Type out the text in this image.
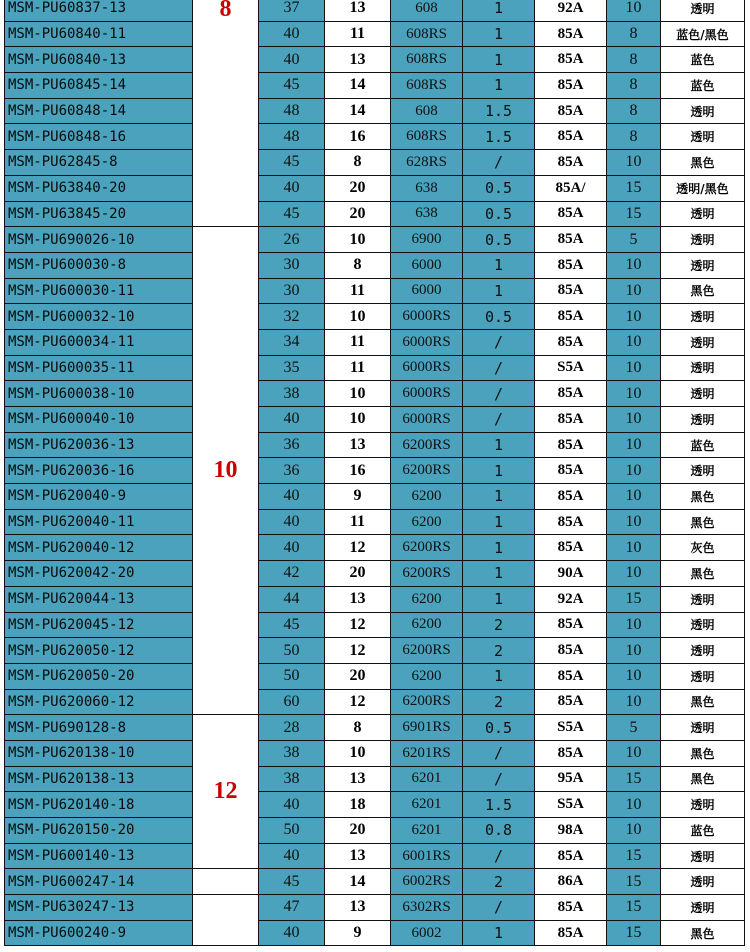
MSM-PU60837-13	8	37	13	608	1	92A	10	透明
MSM-PU60840-11		40	11	608RS	1	85A	8	蓝色/黑色
MSM-PU60840-13		40	13	608RS	1	85A	8	蓝色
MSM-PU60845-14		45	14	608RS	1	85A	8	蓝色
MSM-PU60848-14		48	14	608	1.5	85A	8	透明
MSM-PU60848-16		48	16	608RS	1.5	85A	8	透明
MSM-PU62845-8		45	8	628RS	/	85A	10	黑色
MSM-PU63840-20		40	20	638	0.5	85A/	15	透明/黑色
MSM-PU63845-20		45	20	638	0.5	85A	15	透明
MSM-PU690026-10	10	26	10	6900	0.5	85A	5	透明
MSM-PU600030-8		30	8	6000	1	85A	10	透明
MSM-PU600030-11		30	11	6000	1	85A	10	黑色
MSM-PU600032-10		32	10	6000RS	0.5	85A	10	透明
MSM-PU600034-11		34	11	6000RS	/	85A	10	透明
MSM-PU600035-11		35	11	6000RS	/	S5A	10	透明
MSM-PU600038-10		38	10	6000RS	/	85A	10	透明
MSM-PU600040-10		40	10	6000RS	/	85A	10	透明
MSM-PU620036-13		36	13	6200RS	1	85A	10	蓝色
MSM-PU620036-16		36	16	6200RS	1	85A	10	透明
MSM-PU620040-9		40	9	6200	1	85A	10	黑色
MSM-PU620040-11		40	11	6200	1	85A	10	黑色
MSM-PU620040-12		40	12	6200RS	1	85A	10	灰色
MSM-PU620042-20		42	20	6200RS	1	90A	10	黑色
MSM-PU620044-13		44	13	6200	1	92A	15	透明
MSM-PU620045-12		45	12	6200	2	85A	10	透明
MSM-PU620050-12		50	12	6200RS	2	85A	10	透明
MSM-PU620050-20		50	20	6200	1	85A	10	透明
MSM-PU620060-12		60	12	6200RS	2	85A	10	黑色
MSM-PU690128-8	12	28	8	6901RS	0.5	S5A	5	透明
MSM-PU620138-10		38	10	6201RS	/	85A	10	黑色
MSM-PU620138-13		38	13	6201	/	95A	15	黑色
MSM-PU620140-18		40	18	6201	1.5	S5A	10	透明
MSM-PU620150-20		50	20	6201	0.8	98A	10	蓝色
MSM-PU600140-13		40	13	6001RS	/	85A	15	透明
MSM-PU600247-14		45	14	6002RS	2	86A	15	透明
MSM-PU630247-13		47	13	6302RS	/	85A	15	透明
MSM-PU600240-9		40	9	6002	1	85A	15	黑色
